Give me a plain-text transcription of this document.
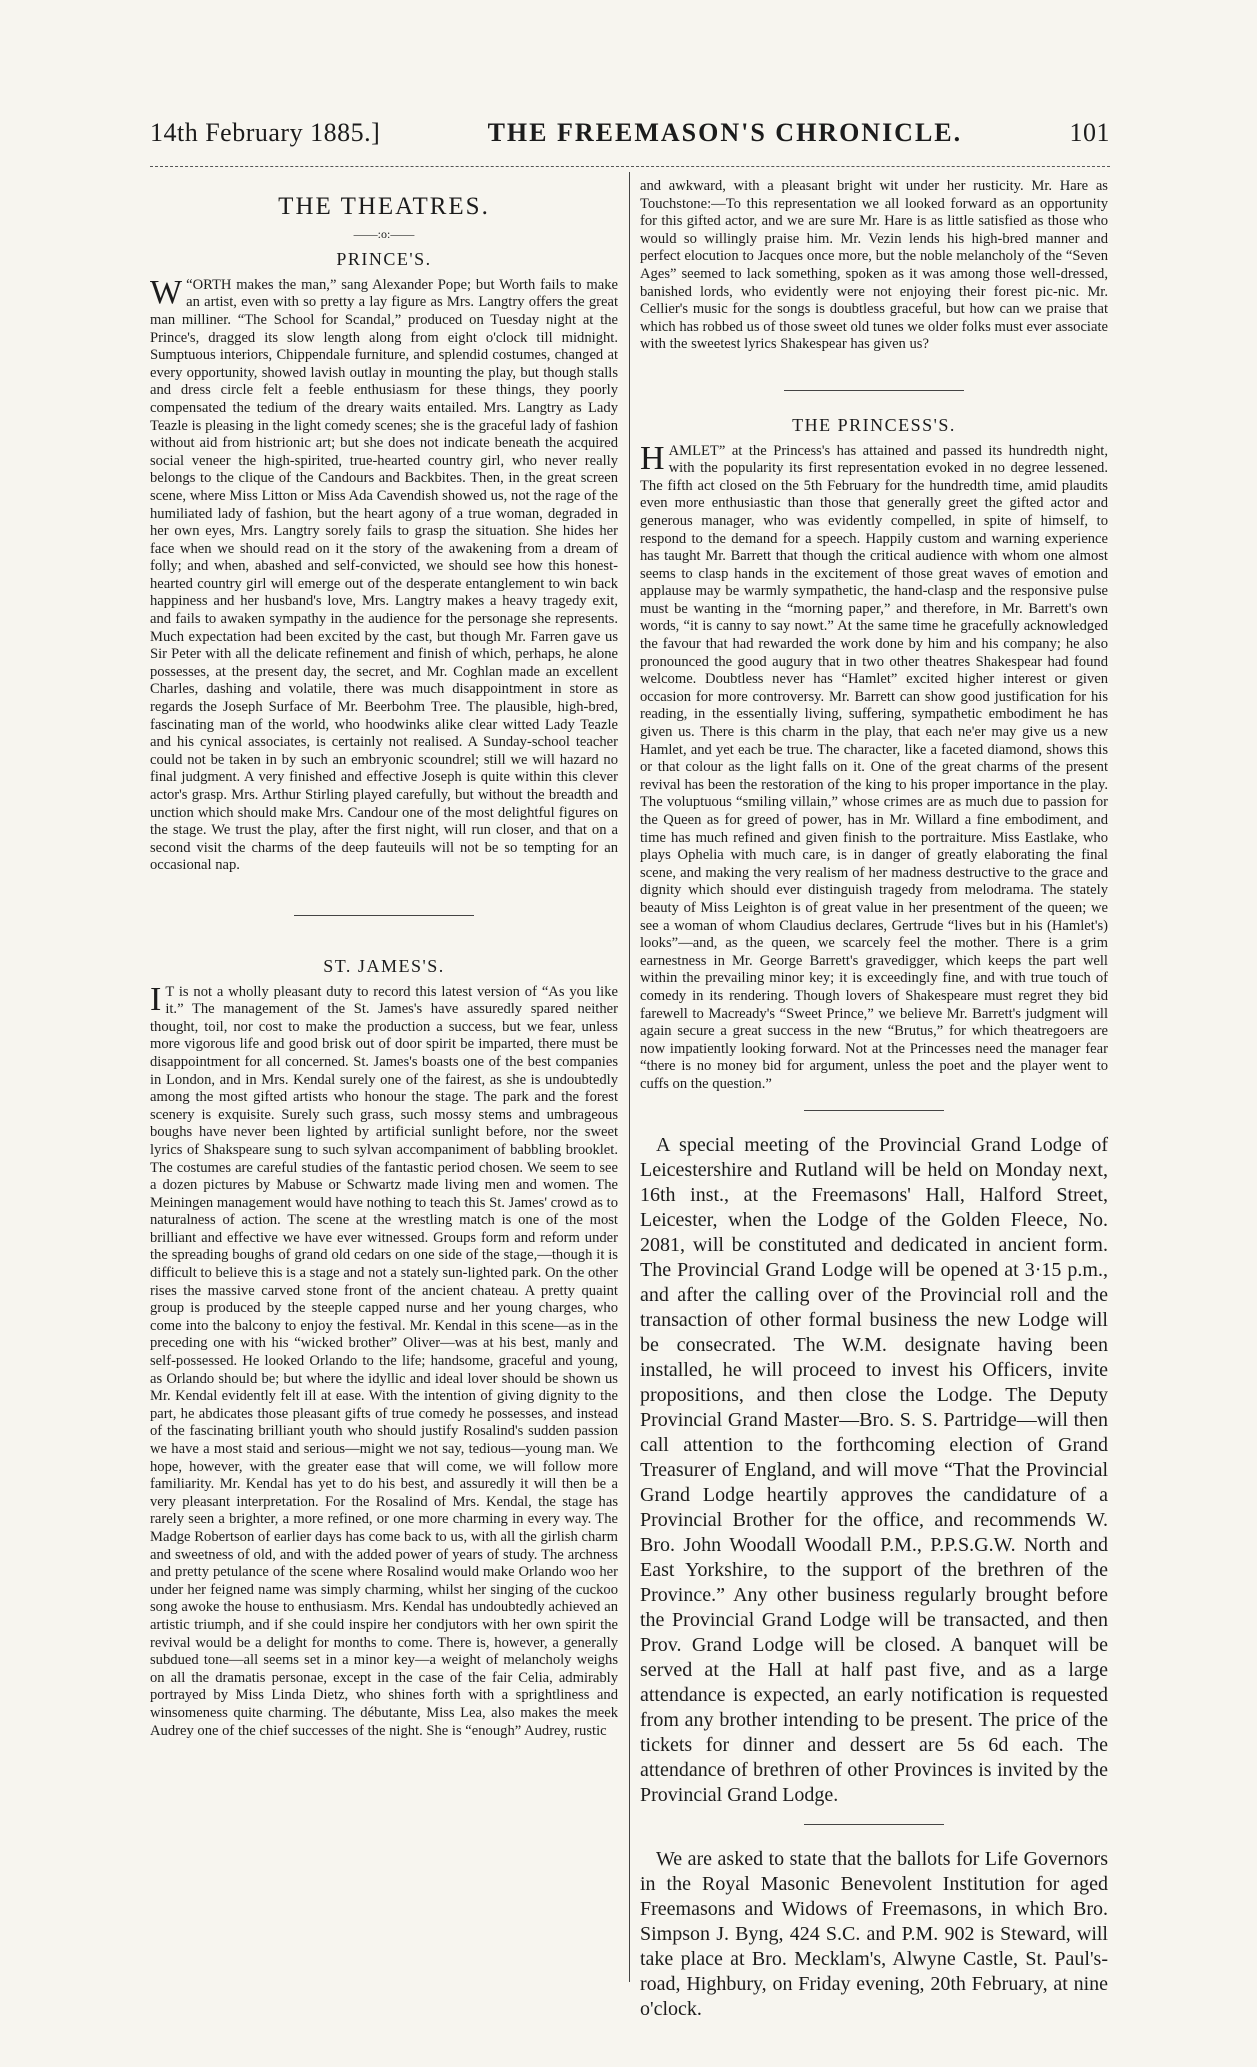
14th February 1885.]	THE FREEMASON'S CHRONICLE.	101
THE THEATRES.
——:o:——
PRINCE'S.

W “ORTH makes the man,” sang Alexander Pope; but Worth fails to make an artist, even with so pretty a lay figure as Mrs. Langtry offers the great man milliner. “The School for Scandal,” produced on Tuesday night at the Prince's, dragged its slow length along from eight o'clock till midnight. Sumptuous interiors, Chippendale furniture, and splendid costumes, changed at every opportunity, showed lavish outlay in mounting the play, but though stalls and dress circle felt a feeble enthusiasm for these things, they poorly compensated the tedium of the dreary waits entailed. Mrs. Langtry as Lady Teazle is pleasing in the light comedy scenes; she is the graceful lady of fashion without aid from histrionic art; but she does not indicate beneath the acquired social veneer the high-spirited, true-hearted country girl, who never really belongs to the clique of the Candours and Backbites. Then, in the great screen scene, where Miss Litton or Miss Ada Cavendish showed us, not the rage of the humiliated lady of fashion, but the heart agony of a true woman, degraded in her own eyes, Mrs. Langtry sorely fails to grasp the situation. She hides her face when we should read on it the story of the awakening from a dream of folly; and when, abashed and self-convicted, we should see how this honest-hearted country girl will emerge out of the desperate entanglement to win back happiness and her husband's love, Mrs. Langtry makes a heavy tragedy exit, and fails to awaken sympathy in the audience for the personage she represents. Much expectation had been excited by the cast, but though Mr. Farren gave us Sir Peter with all the delicate refinement and finish of which, perhaps, he alone possesses, at the present day, the secret, and Mr. Coghlan made an excellent Charles, dashing and volatile, there was much disappointment in store as regards the Joseph Surface of Mr. Beerbohm Tree. The plausible, high-bred, fascinating man of the world, who hoodwinks alike clear witted Lady Teazle and his cynical associates, is certainly not realised. A Sunday-school teacher could not be taken in by such an embryonic scoundrel; still we will hazard no final judgment. A very finished and effective Joseph is quite within this clever actor's grasp. Mrs. Arthur Stirling played carefully, but without the breadth and unction which should make Mrs. Candour one of the most delightful figures on the stage. We trust the play, after the first night, will run closer, and that on a second visit the charms of the deep fauteuils will not be so tempting for an occasional nap.

ST. JAMES'S.

I T is not a wholly pleasant duty to record this latest version of “As you like it.” The management of the St. James's have assuredly spared neither thought, toil, nor cost to make the production a success, but we fear, unless more vigorous life and good brisk out of door spirit be imparted, there must be disappointment for all concerned. St. James's boasts one of the best companies in London, and in Mrs. Kendal surely one of the fairest, as she is undoubtedly among the most gifted artists who honour the stage. The park and the forest scenery is exquisite. Surely such grass, such mossy stems and umbrageous boughs have never been lighted by artificial sunlight before, nor the sweet lyrics of Shakspeare sung to such sylvan accompaniment of babbling brooklet. The costumes are careful studies of the fantastic period chosen. We seem to see a dozen pictures by Mabuse or Schwartz made living men and women. The Meiningen management would have nothing to teach this St. James' crowd as to naturalness of action. The scene at the wrestling match is one of the most brilliant and effective we have ever witnessed. Groups form and reform under the spreading boughs of grand old cedars on one side of the stage,—though it is difficult to believe this is a stage and not a stately sun-lighted park. On the other rises the massive carved stone front of the ancient chateau. A pretty quaint group is produced by the steeple capped nurse and her young charges, who come into the balcony to enjoy the festival. Mr. Kendal in this scene—as in the preceding one with his “wicked brother” Oliver—was at his best, manly and self-possessed. He looked Orlando to the life; handsome, graceful and young, as Orlando should be; but where the idyllic and ideal lover should be shown us Mr. Kendal evidently felt ill at ease. With the intention of giving dignity to the part, he abdicates those pleasant gifts of true comedy he possesses, and instead of the fascinating brilliant youth who should justify Rosalind's sudden passion we have a most staid and serious—might we not say, tedious—young man. We hope, however, with the greater ease that will come, we will follow more familiarity. Mr. Kendal has yet to do his best, and assuredly it will then be a very pleasant interpretation. For the Rosalind of Mrs. Kendal, the stage has rarely seen a brighter, a more refined, or one more charming in every way. The Madge Robertson of earlier days has come back to us, with all the girlish charm and sweetness of old, and with the added power of years of study. The archness and pretty petulance of the scene where Rosalind would make Orlando woo her under her feigned name was simply charming, whilst her singing of the cuckoo song awoke the house to enthusiasm. Mrs. Kendal has undoubtedly achieved an artistic triumph, and if she could inspire her condjutors with her own spirit the revival would be a delight for months to come. There is, however, a generally subdued tone—all seems set in a minor key—a weight of melancholy weighs on all the dramatis personae, except in the case of the fair Celia, admirably portrayed by Miss Linda Dietz, who shines forth with a sprightliness and winsomeness quite charming. The débutante, Miss Lea, also makes the meek Audrey one of the chief successes of the night. She is “enough” Audrey, rustic

and awkward, with a pleasant bright wit under her rusticity. Mr. Hare as Touchstone:—To this representation we all looked forward as an opportunity for this gifted actor, and we are sure Mr. Hare is as little satisfied as those who would so willingly praise him. Mr. Vezin lends his high-bred manner and perfect elocution to Jacques once more, but the noble melancholy of the “Seven Ages” seemed to lack something, spoken as it was among those well-dressed, banished lords, who evidently were not enjoying their forest pic-nic. Mr. Cellier's music for the songs is doubtless graceful, but how can we praise that which has robbed us of those sweet old tunes we older folks must ever associate with the sweetest lyrics Shakespear has given us?

THE PRINCESS'S.

HAMLET” at the Princess's has attained and passed its hundredth night, with the popularity its first representation evoked in no degree lessened. The fifth act closed on the 5th February for the hundredth time, amid plaudits even more enthusiastic than those that generally greet the gifted actor and generous manager, who was evidently compelled, in spite of himself, to respond to the demand for a speech. Happily custom and warning experience has taught Mr. Barrett that though the critical audience with whom one almost seems to clasp hands in the excitement of those great waves of emotion and applause may be warmly sympathetic, the hand-clasp and the responsive pulse must be wanting in the “morning paper,” and therefore, in Mr. Barrett's own words, “it is canny to say nowt.” At the same time he gracefully acknowledged the favour that had rewarded the work done by him and his company; he also pronounced the good augury that in two other theatres Shakespear had found welcome. Doubtless never has “Hamlet” excited higher interest or given occasion for more controversy. Mr. Barrett can show good justification for his reading, in the essentially living, suffering, sympathetic embodiment he has given us. There is this charm in the play, that each ne'er may give us a new Hamlet, and yet each be true. The character, like a faceted diamond, shows this or that colour as the light falls on it. One of the great charms of the present revival has been the restoration of the king to his proper importance in the play. The voluptuous “smiling villain,” whose crimes are as much due to passion for the Queen as for greed of power, has in Mr. Willard a fine embodiment, and time has much refined and given finish to the portraiture. Miss Eastlake, who plays Ophelia with much care, is in danger of greatly elaborating the final scene, and making the very realism of her madness destructive to the grace and dignity which should ever distinguish tragedy from melodrama. The stately beauty of Miss Leighton is of great value in her presentment of the queen; we see a woman of whom Claudius declares, Gertrude “lives but in his (Hamlet's) looks”—and, as the queen, we scarcely feel the mother. There is a grim earnestness in Mr. George Barrett's gravedigger, which keeps the part well within the prevailing minor key; it is exceedingly fine, and with true touch of comedy in its rendering. Though lovers of Shakespeare must regret they bid farewell to Macready's “Sweet Prince,” we believe Mr. Barrett's judgment will again secure a great success in the new “Brutus,” for which theatregoers are now impatiently looking forward. Not at the Princesses need the manager fear “there is no money bid for argument, unless the poet and the player went to cuffs on the question.”

A special meeting of the Provincial Grand Lodge of Leicestershire and Rutland will be held on Monday next, 16th inst., at the Freemasons' Hall, Halford Street, Leicester, when the Lodge of the Golden Fleece, No. 2081, will be constituted and dedicated in ancient form. The Provincial Grand Lodge will be opened at 3·15 p.m., and after the calling over of the Provincial roll and the transaction of other formal business the new Lodge will be consecrated. The W.M. designate having been installed, he will proceed to invest his Officers, invite propositions, and then close the Lodge. The Deputy Provincial Grand Master—Bro. S. S. Partridge—will then call attention to the forthcoming election of Grand Treasurer of England, and will move “That the Provincial Grand Lodge heartily approves the candidature of a Provincial Brother for the office, and recommends W. Bro. John Woodall Woodall P.M., P.P.S.G.W. North and East Yorkshire, to the support of the brethren of the Province.” Any other business regularly brought before the Provincial Grand Lodge will be transacted, and then Prov. Grand Lodge will be closed. A banquet will be served at the Hall at half past five, and as a large attendance is expected, an early notification is requested from any brother intending to be present. The price of the tickets for dinner and dessert are 5s 6d each. The attendance of brethren of other Provinces is invited by the Provincial Grand Lodge.

We are asked to state that the ballots for Life Governors in the Royal Masonic Benevolent Institution for aged Freemasons and Widows of Freemasons, in which Bro. Simpson J. Byng, 424 S.C. and P.M. 902 is Steward, will take place at Bro. Mecklam's, Alwyne Castle, St. Paul's-road, Highbury, on Friday evening, 20th February, at nine o'clock.
